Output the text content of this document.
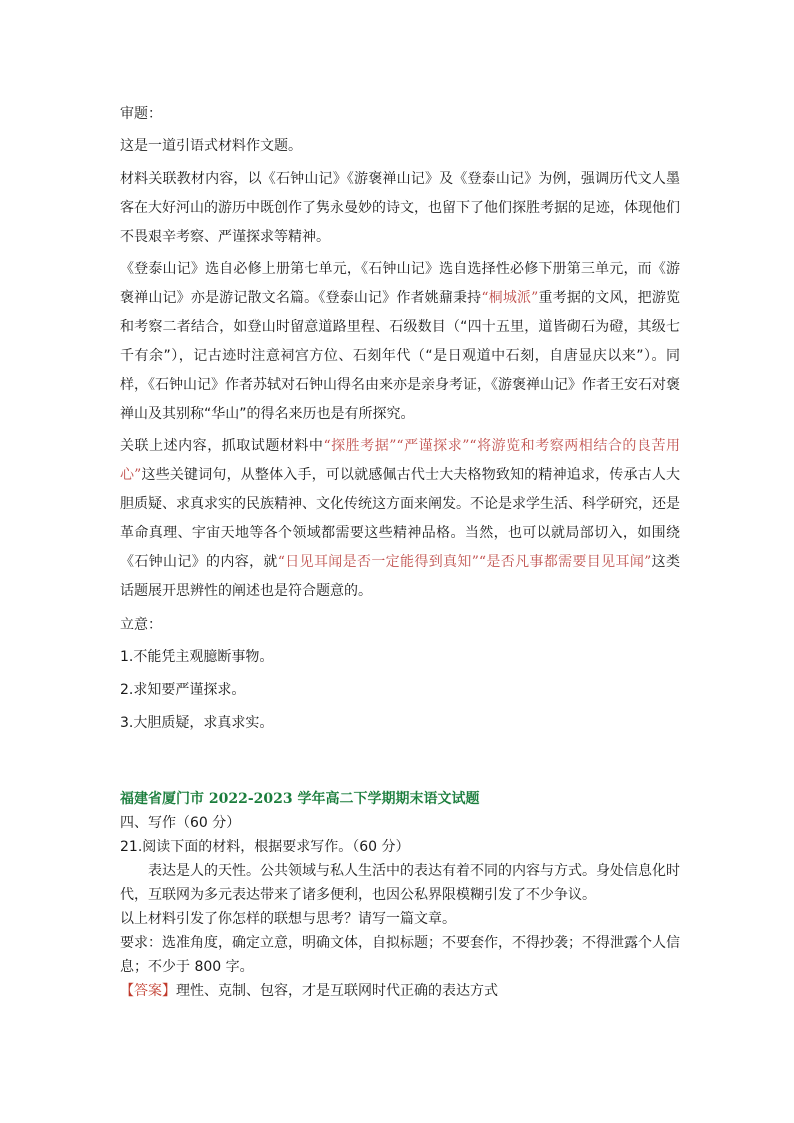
审题：

这是一道引语式材料作文题。

材料关联教材内容，以《石钟山记》《游褒禅山记》及《登泰山记》为例，强调历代文人墨客在大好河山的游历中既创作了隽永曼妙的诗文，也留下了他们探胜考据的足迹，体现他们不畏艰辛考察、严谨探求等精神。

《登泰山记》选自必修上册第七单元，《石钟山记》选自选择性必修下册第三单元，而《游褒禅山记》亦是游记散文名篇。《登泰山记》作者姚鼐秉持“桐城派”重考据的文风，把游览和考察二者结合，如登山时留意道路里程、石级数目（“四十五里，道皆砌石为磴，其级七千有余”），记古迹时注意祠宫方位、石刻年代（“是日观道中石刻，自唐显庆以来”）。同样，《石钟山记》作者苏轼对石钟山得名由来亦是亲身考证，《游褒禅山记》作者王安石对褒禅山及其别称“华山”的得名来历也是有所探究。

关联上述内容，抓取试题材料中“探胜考据”“严谨探求”“将游览和考察两相结合的良苦用心”这些关键词句，从整体入手，可以就感佩古代士大夫格物致知的精神追求，传承古人大胆质疑、求真求实的民族精神、文化传统这方面来阐发。不论是求学生活、科学研究，还是革命真理、宇宙天地等各个领域都需要这些精神品格。当然，也可以就局部切入，如围绕《石钟山记》的内容，就“日见耳闻是否一定能得到真知”“是否凡事都需要目见耳闻”这类话题展开思辨性的阐述也是符合题意的。

立意：

1.不能凭主观臆断事物。

2.求知要严谨探求。

3.大胆质疑，求真求实。

福建省厦门市 2022-2023 学年高二下学期期末语文试题

四、写作（60 分）

21.阅读下面的材料，根据要求写作。（60 分）

表达是人的天性。公共领域与私人生活中的表达有着不同的内容与方式。身处信息化时代，互联网为多元表达带来了诸多便利，也因公私界限模糊引发了不少争议。

以上材料引发了你怎样的联想与思考？请写一篇文章。

要求：选准角度，确定立意，明确文体，自拟标题；不要套作，不得抄袭；不得泄露个人信息；不少于 800 字。

【答案】理性、克制、包容，才是互联网时代正确的表达方式
